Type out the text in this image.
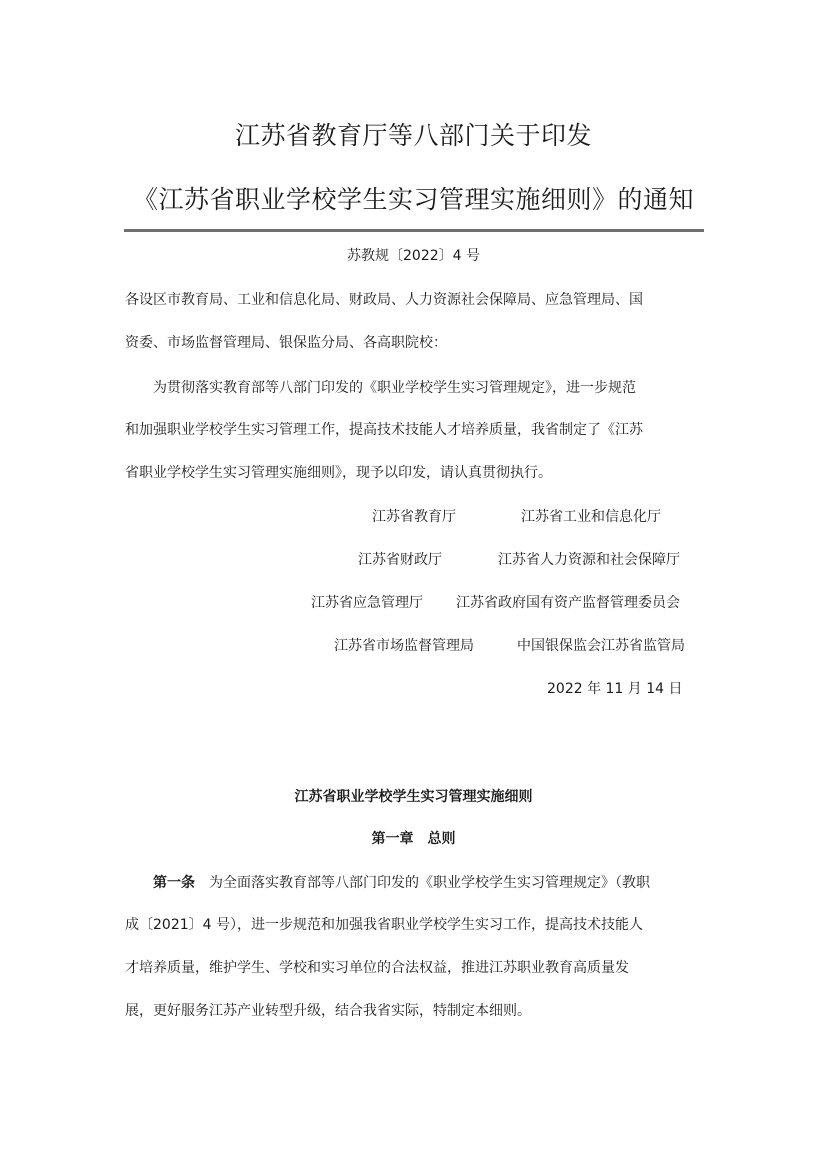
江苏省教育厅等八部门关于印发
《江苏省职业学校学生实习管理实施细则》的通知
苏教规〔2022〕4 号
各设区市教育局、工业和信息化局、财政局、人力资源社会保障局、应急管理局、国
资委、市场监督管理局、银保监分局、各高职院校：
为贯彻落实教育部等八部门印发的《职业学校学生实习管理规定》，进一步规范
和加强职业学校学生实习管理工作，提高技术技能人才培养质量，我省制定了《江苏
省职业学校学生实习管理实施细则》，现予以印发，请认真贯彻执行。
江苏省教育厅	江苏省工业和信息化厅
江苏省财政厅	江苏省人力资源和社会保障厅
江苏省应急管理厅 江苏省政府国有资产监督管理委员会
江苏省市场监督管理局	中国银保监会江苏省监管局
2022 年 11 月 14 日
江苏省职业学校学生实习管理实施细则
第一章　总则
第一条 为全面落实教育部等八部门印发的《职业学校学生实习管理规定》（教职
成〔2021〕4 号），进一步规范和加强我省职业学校学生实习工作，提高技术技能人
才培养质量，维护学生、学校和实习单位的合法权益，推进江苏职业教育高质量发
展，更好服务江苏产业转型升级，结合我省实际，特制定本细则。
